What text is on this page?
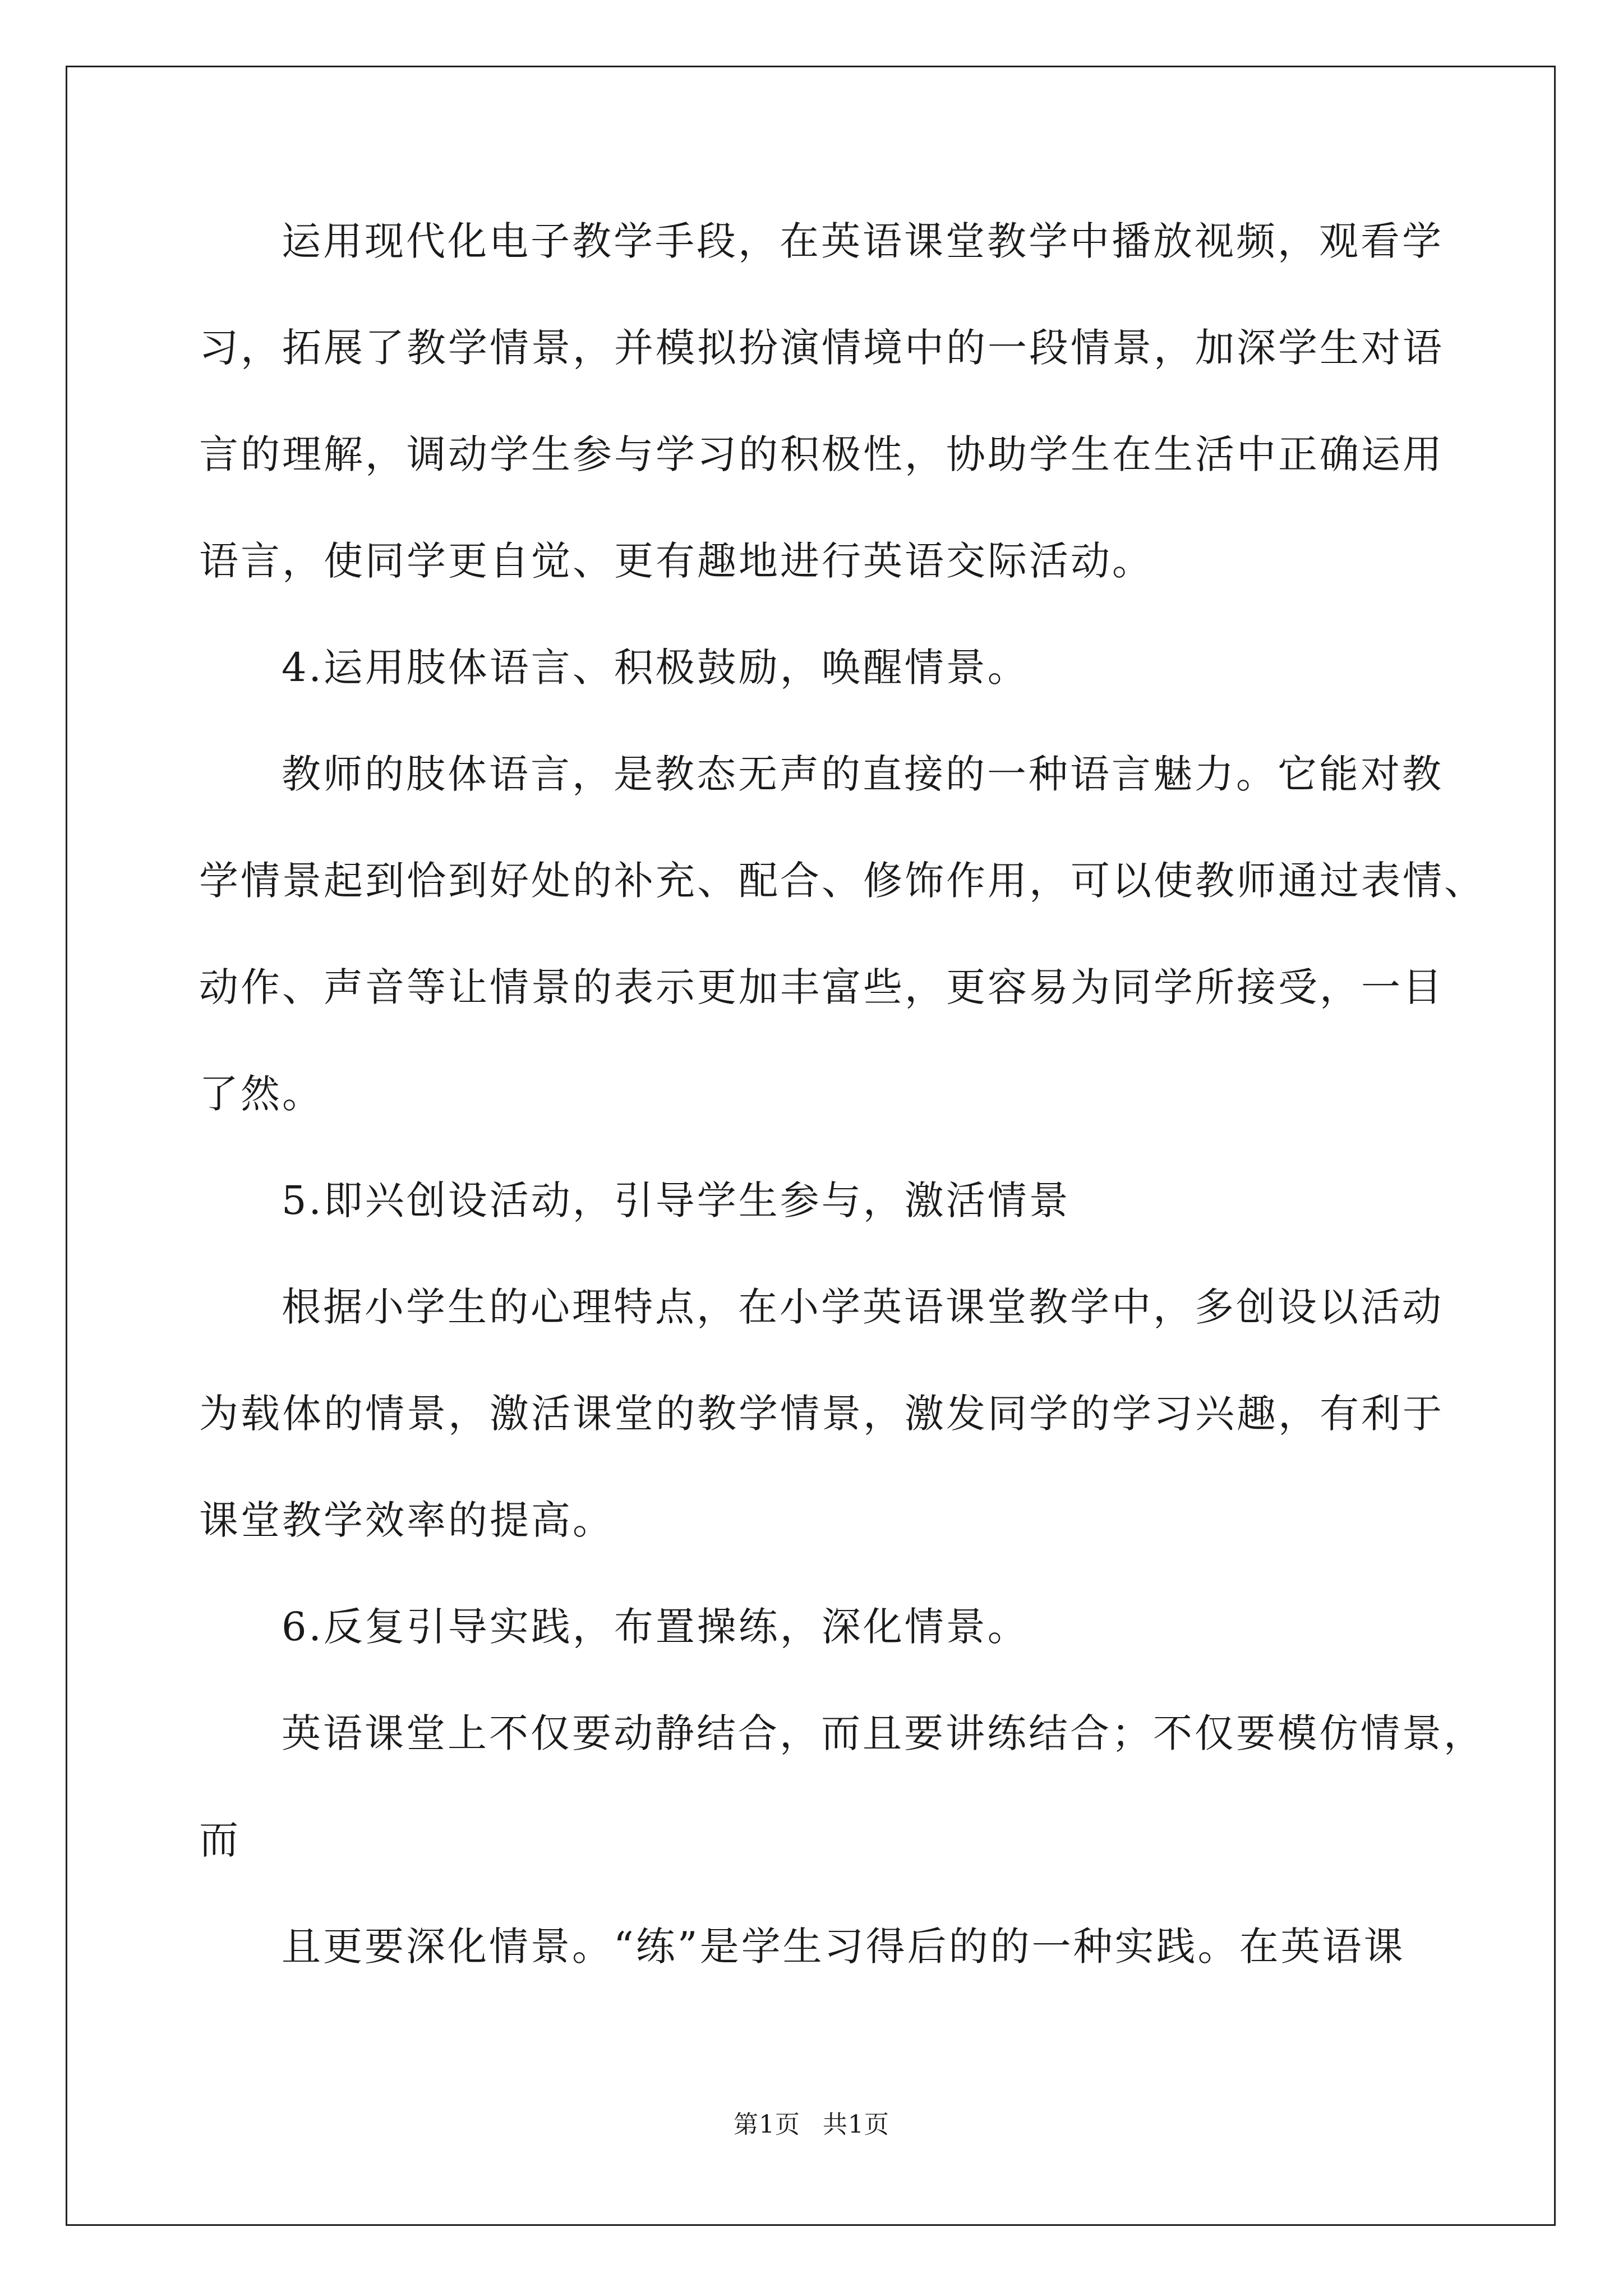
运用现代化电子教学手段，在英语课堂教学中播放视频，观看学
习，拓展了教学情景，并模拟扮演情境中的一段情景，加深学生对语
言的理解，调动学生参与学习的积极性，协助学生在生活中正确运用
语言，使同学更自觉、更有趣地进行英语交际活动。
4.运用肢体语言、积极鼓励，唤醒情景。
教师的肢体语言，是教态无声的直接的一种语言魅力。它能对教
学情景起到恰到好处的补充、配合、修饰作用，可以使教师通过表情、
动作、声音等让情景的表示更加丰富些，更容易为同学所接受，一目
了然。
5.即兴创设活动，引导学生参与，激活情景
根据小学生的心理特点，在小学英语课堂教学中，多创设以活动
为载体的情景，激活课堂的教学情景，激发同学的学习兴趣，有利于
课堂教学效率的提高。
6.反复引导实践，布置操练，深化情景。
英语课堂上不仅要动静结合，而且要讲练结合；不仅要模仿情景，
而
且更要深化情景。“练”是学生习得后的的一种实践。在英语课
第1页 共1页
